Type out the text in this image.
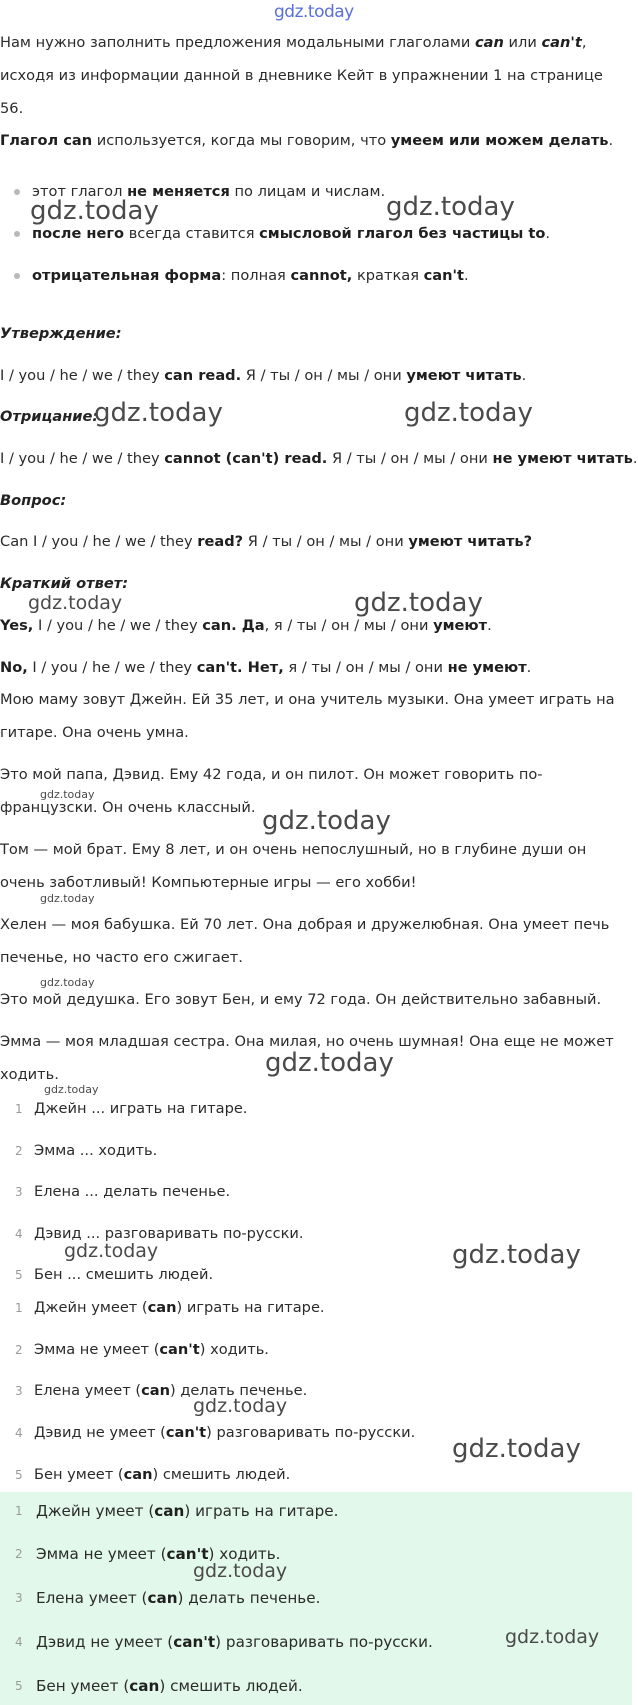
gdz.today
Нам нужно заполнить предложения модальными глаголами can или can't,
исходя из информации данной в дневнике Кейт в упражнении 1 на странице
56.
Глагол can используется, когда мы говорим, что умеем или можем делать.
этот глагол не меняется по лицам и числам.
после него всегда ставится смысловой глагол без частицы to.
отрицательная форма: полная cannot, краткая can't.
Утверждение:
I / you / he / we / they can read. Я / ты / он / мы / они умеют читать.
Отрицание:
I / you / he / we / they cannot (can't) read. Я / ты / он / мы / они не умеют читать.
Вопрос:
Can I / you / he / we / they read? Я / ты / он / мы / они умеют читать?
Краткий ответ:
Yes, I / you / he / we / they can. Да, я / ты / он / мы / они умеют.
No, I / you / he / we / they can't. Нет, я / ты / он / мы / они не умеют.
Мою маму зовут Джейн. Ей 35 лет, и она учитель музыки. Она умеет играть на
гитаре. Она очень умна.
Это мой папа, Дэвид. Ему 42 года, и он пилот. Он может говорить по-
французски. Он очень классный.
Том — мой брат. Ему 8 лет, и он очень непослушный, но в глубине души он
очень заботливый! Компьютерные игры — его хобби!
Хелен — моя бабушка. Ей 70 лет. Она добрая и дружелюбная. Она умеет печь
печенье, но часто его сжигает.
Это мой дедушка. Его зовут Бен, и ему 72 года. Он действительно забавный.
Эмма — моя младшая сестра. Она милая, но очень шумная! Она еще не может
ходить.
1 Джейн ... играть на гитаре.
2 Эмма ... ходить.
3 Елена ... делать печенье.
4 Дэвид ... разговаривать по-русски.
5 Бен ... смешить людей.
1 Джейн умеет (can) играть на гитаре.
2 Эмма не умеет (can't) ходить.
3 Елена умеет (can) делать печенье.
4 Дэвид не умеет (can't) разговаривать по-русски.
5 Бен умеет (can) смешить людей.
1 Джейн умеет (can) играть на гитаре.
2 Эмма не умеет (can't) ходить.
3 Елена умеет (can) делать печенье.
4 Дэвид не умеет (can't) разговаривать по-русски.
5 Бен умеет (can) смешить людей.
gdz.today	gdz.today
gdz.today	gdz.today
gdz.today	gdz.today
gdz.today
gdz.today
gdz.today
gdz.today
gdz.today
gdz.today
gdz.today	gdz.today
gdz.today
gdz.today
gdz.today
gdz.today
